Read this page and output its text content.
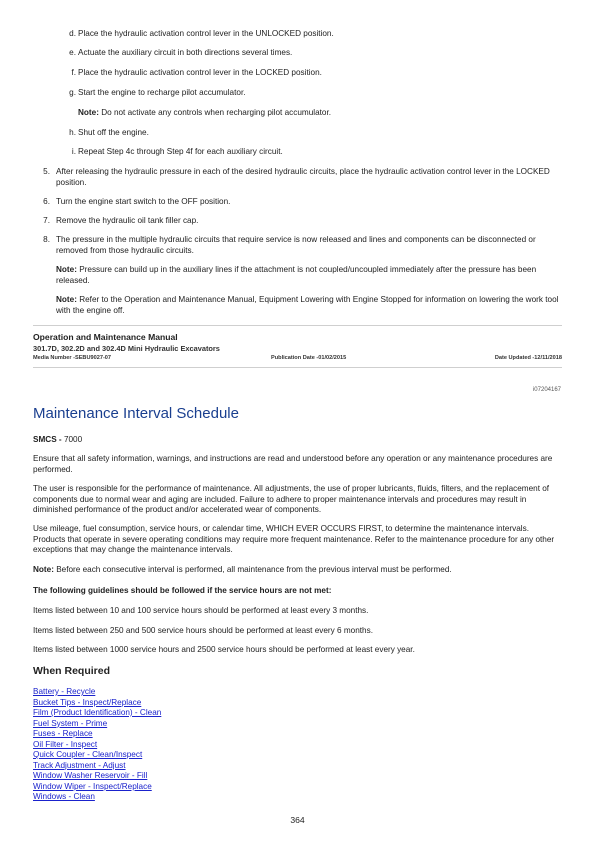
d. Place the hydraulic activation control lever in the UNLOCKED position.
e. Actuate the auxiliary circuit in both directions several times.
f. Place the hydraulic activation control lever in the LOCKED position.
g. Start the engine to recharge pilot accumulator.
Note: Do not activate any controls when recharging pilot accumulator.
h. Shut off the engine.
i. Repeat Step 4c through Step 4f for each auxiliary circuit.
5. After releasing the hydraulic pressure in each of the desired hydraulic circuits, place the hydraulic activation control lever in the LOCKED position.
6. Turn the engine start switch to the OFF position.
7. Remove the hydraulic oil tank filler cap.
8. The pressure in the multiple hydraulic circuits that require service is now released and lines and components can be disconnected or removed from those hydraulic circuits.
Note: Pressure can build up in the auxiliary lines if the attachment is not coupled/uncoupled immediately after the pressure has been released.
Note: Refer to the Operation and Maintenance Manual, Equipment Lowering with Engine Stopped for information on lowering the work tool with the engine off.
Operation and Maintenance Manual
301.7D, 302.2D and 302.4D Mini Hydraulic Excavators
Media Number -SEBU9027-07	Publication Date -01/02/2015	Date Updated -12/11/2018
i07204167
Maintenance Interval Schedule
SMCS - 7000
Ensure that all safety information, warnings, and instructions are read and understood before any operation or any maintenance procedures are performed.
The user is responsible for the performance of maintenance. All adjustments, the use of proper lubricants, fluids, filters, and the replacement of components due to normal wear and aging are included. Failure to adhere to proper maintenance intervals and procedures may result in diminished performance of the product and/or accelerated wear of components.
Use mileage, fuel consumption, service hours, or calendar time, WHICH EVER OCCURS FIRST, to determine the maintenance intervals. Products that operate in severe operating conditions may require more frequent maintenance. Refer to the maintenance procedure for any other exceptions that may change the maintenance intervals.
Note: Before each consecutive interval is performed, all maintenance from the previous interval must be performed.
The following guidelines should be followed if the service hours are not met:
Items listed between 10 and 100 service hours should be performed at least every 3 months.
Items listed between 250 and 500 service hours should be performed at least every 6 months.
Items listed between 1000 service hours and 2500 service hours should be performed at least every year.
When Required
Battery - Recycle
Bucket Tips - Inspect/Replace
Film (Product Identification) - Clean
Fuel System - Prime
Fuses - Replace
Oil Filter - Inspect
Quick Coupler - Clean/Inspect
Track Adjustment - Adjust
Window Washer Reservoir - Fill
Window Wiper - Inspect/Replace
Windows - Clean
364
